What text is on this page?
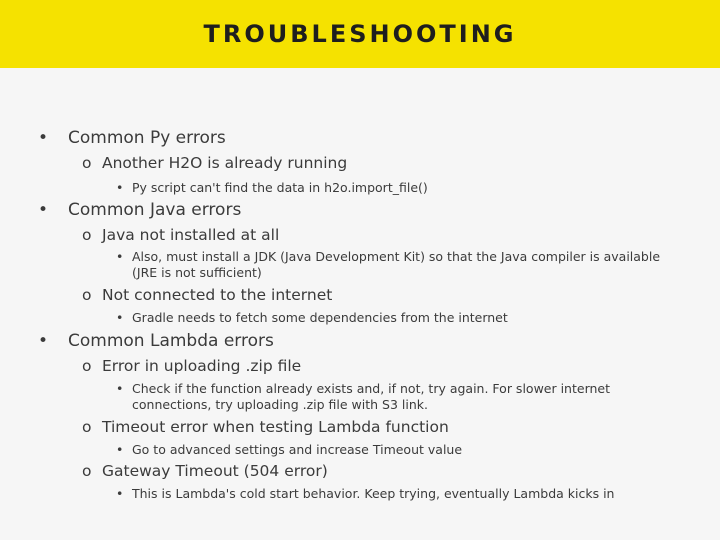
TROUBLESHOOTING
• Common Py errors
o Another H2O is already running
• Py script can't find the data in h2o.import_file()
• Common Java errors
o Java not installed at all
• Also, must install a JDK (Java Development Kit) so that the Java compiler is available (JRE is not sufficient)
o Not connected to the internet
• Gradle needs to fetch some dependencies from the internet
• Common Lambda errors
o Error in uploading .zip file
• Check if the function already exists and, if not, try again. For slower internet connections, try uploading .zip file with S3 link.
o Timeout error when testing Lambda function
• Go to advanced settings and increase Timeout value
o Gateway Timeout (504 error)
• This is Lambda's cold start behavior. Keep trying, eventually Lambda kicks in
